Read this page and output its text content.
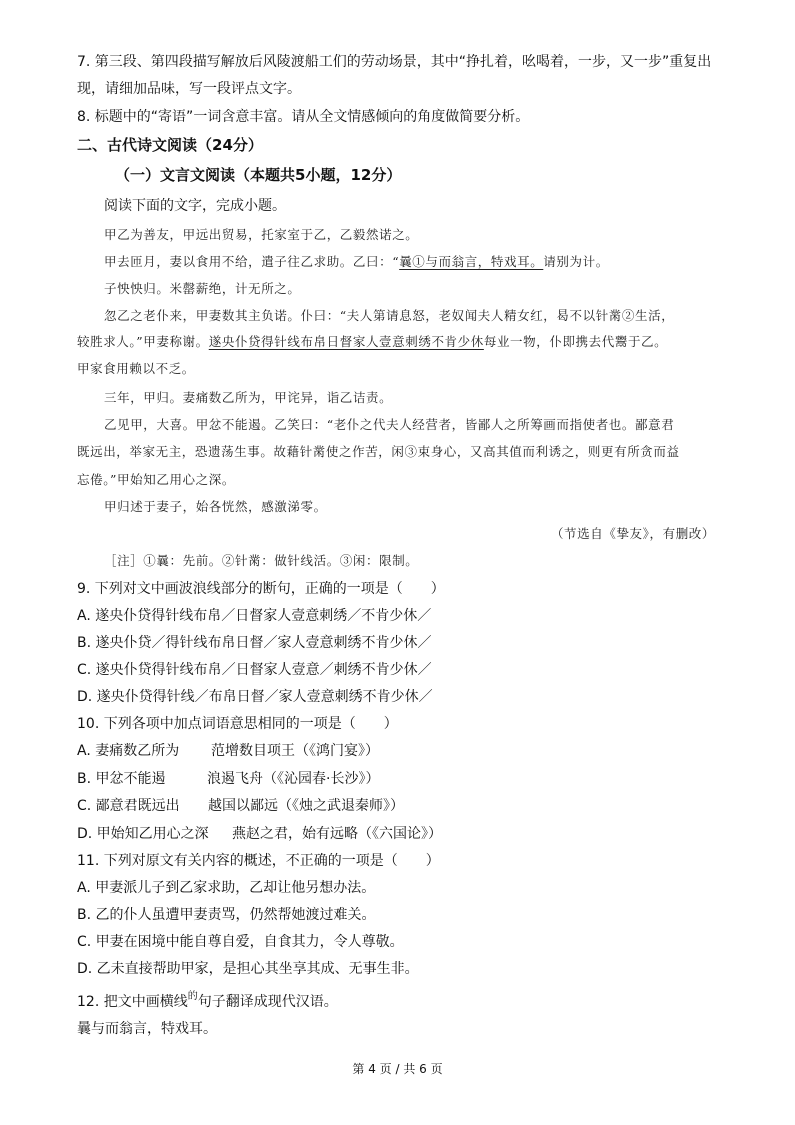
7. 第三段、第四段描写解放后风陵渡船工们的劳动场景，其中“挣扎着，吆喝着，一步，又一步”重复出
现，请细加品味，写一段评点文字。
8. 标题中的“寄语”一词含意丰富。请从全文情感倾向的角度做简要分析。
二、古代诗文阅读（24分）
（一）文言文阅读（本题共5小题，12分）
阅读下面的文字，完成小题。
甲乙为善友，甲远出贸易，托家室于乙，乙毅然诺之。
甲去匝月，妻以食用不给，遣子往乙求助。乙曰：“曩①与而翁言，特戏耳。请别为计。
子怏怏归。米罄薪绝，计无所之。
忽乙之老仆来，甲妻数其主负诺。仆曰：“夫人第请息怒，老奴闻夫人精女红，曷不以针黹②生活，
较胜求人。”甲妻称谢。遂央仆贷得针线布帛日督家人壹意刺绣不肯少休每业一物，仆即携去代鬻于乙。
甲家食用赖以不乏。
三年，甲归。妻痛数乙所为，甲诧异，诣乙诘责。
乙见甲，大喜。甲忿不能遏。乙笑曰：“老仆之代夫人经营者，皆鄙人之所筹画而指使者也。鄙意君
既远出，举家无主，恐遗荡生事。故藉针黹使之作苦，闲③束身心，又高其值而利诱之，则更有所贪而益
忘倦。”甲始知乙用心之深。
甲归述于妻子，始各恍然，感激涕零。
（节选自《挚友》，有删改）
［注］①曩：先前。②针黹：做针线活。③闲：限制。
9. 下列对文中画波浪线部分的断句，正确的一项是（　　）
A. 遂央仆贷得针线布帛／日督家人壹意刺绣／不肯少休／
B. 遂央仆贷／得针线布帛日督／家人壹意刺绣不肯少休／
C. 遂央仆贷得针线布帛／日督家人壹意／刺绣不肯少休／
D. 遂央仆贷得针线／布帛日督／家人壹意刺绣不肯少休／
10. 下列各项中加点词语意思相同的一项是（　　）
A. 妻痛数乙所为 范增数目项王（《鸿门宴》）
B. 甲忿不能遏	浪遏飞舟（《沁园春·长沙》）
C. 鄙意君既远出 越国以鄙远（《烛之武退秦师》）
D. 甲始知乙用心之深 燕赵之君，始有远略（《六国论》）
11. 下列对原文有关内容的概述，不正确的一项是（　　）
A. 甲妻派儿子到乙家求助，乙却让他另想办法。
B. 乙的仆人虽遭甲妻责骂，仍然帮她渡过难关。
C. 甲妻在困境中能自尊自爱，自食其力，令人尊敬。
D. 乙未直接帮助甲家，是担心其坐享其成、无事生非。
12. 把文中画横线$^的$句子翻译成现代汉语。
曩与而翁言，特戏耳。
第 4 页 / 共 6 页
